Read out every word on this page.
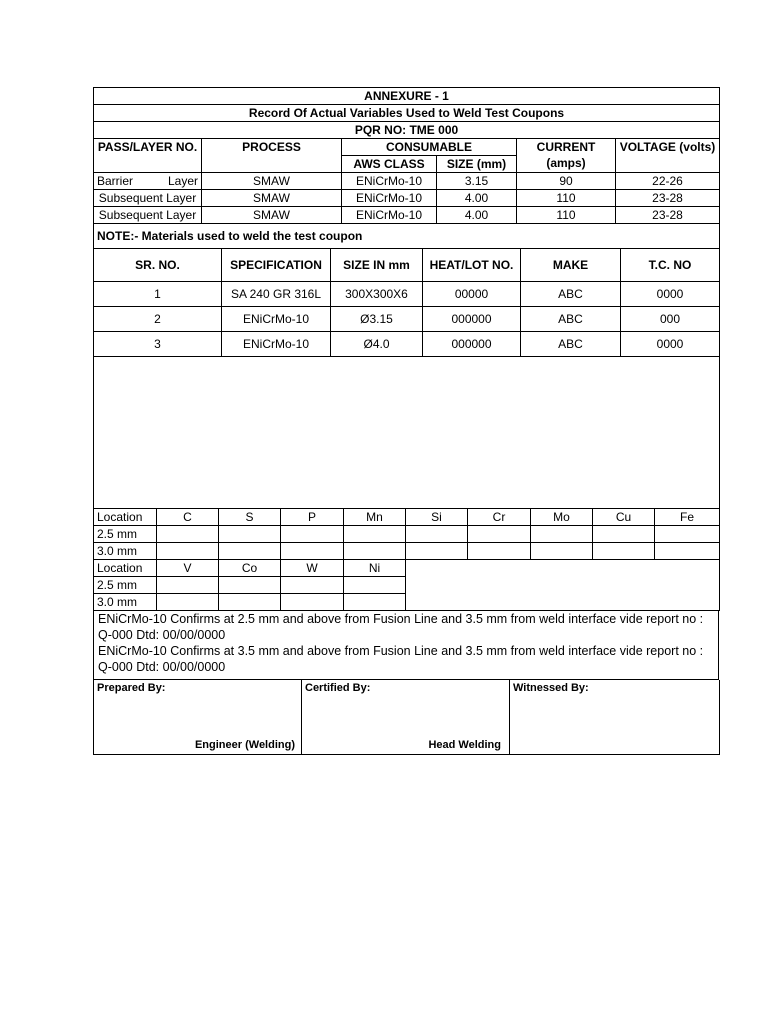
ANNEXURE - 1					
Record Of Actual Variables Used to Weld Test Coupons					
PQR NO: TME 000					
PASS/LAYER NO.	PROCESS	CONSUMABLE		CURRENT (amps)	VOLTAGE (volts)
		AWS CLASS	SIZE (mm)		

Barrier Layer	SMAW	ENiCrMo-10	3.15	90	22-26
Subsequent Layer	SMAW	ENiCrMo-10	4.00	110	23-28
Subsequent Layer	SMAW	ENiCrMo-10	4.00	110	23-28
NOTE:- Materials used to weld the test coupon					
SR. NO.	SPECIFICATION	SIZE IN mm	HEAT/LOT NO.	MAKE	T.C. NO
1	SA 240 GR 316L	300X300X6	00000	ABC	0000
2	ENiCrMo-10	Ø3.15	000000	ABC	000
3	ENiCrMo-10	Ø4.0	000000	ABC	0000

Location	C	S	P	Mn	Si	Cr	Mo	Cu	Fe
2.5 mm									
3.0 mm									
Location	V	Co	W	Ni					
2.5 mm									
3.0 mm									
ENiCrMo-10 Confirms at 2.5 mm and above from Fusion Line and 3.5 mm from weld interface vide report no : Q-000 Dtd: 00/00/0000
ENiCrMo-10 Confirms at 3.5 mm and above from Fusion Line and 3.5 mm from weld interface vide report no : Q-000 Dtd: 00/00/0000
Prepared By:
Engineer (Welding)
	Certified By:
Head Welding
	Witnessed By:
